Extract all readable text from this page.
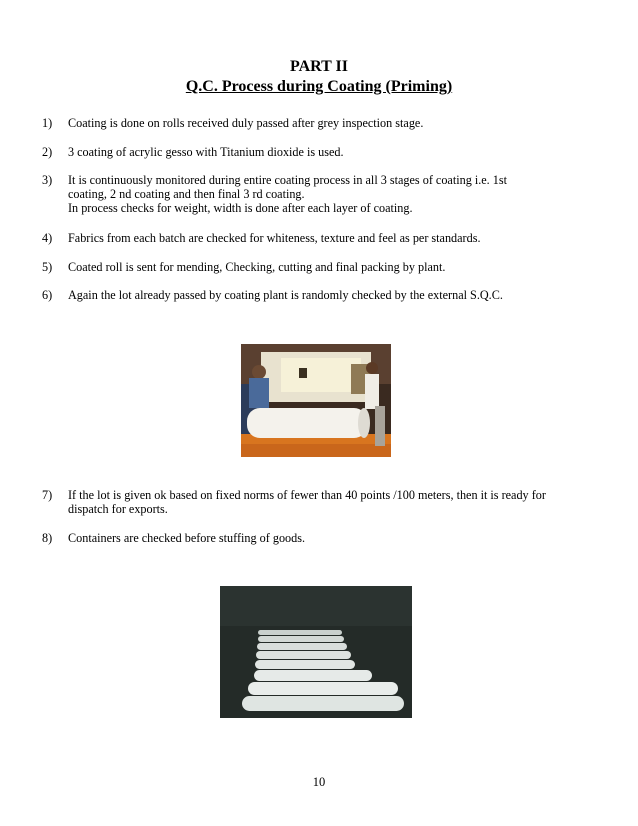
PART II
Q.C. Process during Coating (Priming)
1) Coating is done on rolls received duly passed after grey inspection stage.
2) 3 coating of acrylic gesso with Titanium dioxide is used.
3) It is continuously monitored during entire coating process in all 3 stages of coating i.e. 1st
coating, 2 nd coating and then final 3 rd coating.
In process checks for weight, width is done after each layer of coating.
4) Fabrics from each batch are checked for whiteness, texture and feel as per standards.
5) Coated roll is sent for mending, Checking, cutting and final packing by plant.
6) Again the lot already passed by coating plant is randomly checked by the external S.Q.C.
7) If the lot is given ok based on fixed norms of fewer than 40 points /100 meters, then it is ready for
dispatch for exports.
8) Containers are checked before stuffing of goods.
10
